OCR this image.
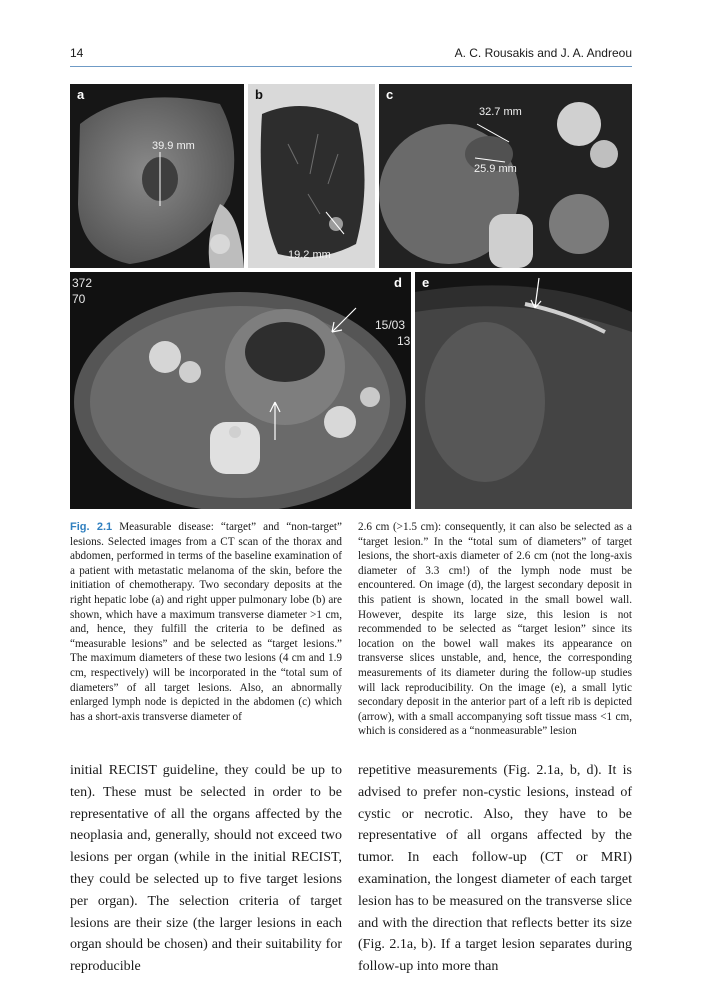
14	A. C. Rousakis and J. A. Andreou
a
39.9 mm
b
19.2 mm
c
32.7 mm
25.9 mm
d
372
70
15/03
13
e

Fig. 2.1 Measurable disease: “target” and “non-target” lesions. Selected images from a CT scan of the thorax and abdomen, performed in terms of the baseline examination of a patient with metastatic melanoma of the skin, before the initiation of chemotherapy. Two secondary deposits at the right hepatic lobe (a) and right upper pulmonary lobe (b) are shown, which have a maximum transverse diameter >1 cm, and, hence, they fulfill the criteria to be defined as “measurable lesions” and be selected as “target lesions.” The maximum diameters of these two lesions (4 cm and 1.9 cm, respectively) will be incorporated in the “total sum of diameters” of all target lesions. Also, an abnormally enlarged lymph node is depicted in the abdomen (c) which has a short-axis transverse diameter of

2.6 cm (>1.5 cm): consequently, it can also be selected as a “target lesion.” In the “total sum of diameters” of target lesions, the short-axis diameter of 2.6 cm (not the long-axis diameter of 3.3 cm!) of the lymph node must be encountered. On image (d), the largest secondary deposit in this patient is shown, located in the small bowel wall. However, despite its large size, this lesion is not recommended to be selected as “target lesion” since its location on the bowel wall makes its appearance on transverse slices unstable, and, hence, the corresponding measurements of its diameter during the follow-up studies will lack reproducibility. On the image (e), a small lytic secondary deposit in the anterior part of a left rib is depicted (arrow), with a small accompanying soft tissue mass <1 cm, which is considered as a “nonmeasurable” lesion

initial RECIST guideline, they could be up to ten). These must be selected in order to be representative of all the organs affected by the neoplasia and, generally, should not exceed two lesions per organ (while in the initial RECIST, they could be selected up to five target lesions per organ). The selection criteria of target lesions are their size (the larger lesions in each organ should be chosen) and their suitability for reproducible

repetitive measurements (Fig. 2.1a, b, d). It is advised to prefer non-cystic lesions, instead of cystic or necrotic. Also, they have to be representative of all organs affected by the tumor. In each follow-up (CT or MRI) examination, the longest diameter of each target lesion has to be measured on the transverse slice and with the direction that reflects better its size (Fig. 2.1a, b). If a target lesion separates during follow-up into more than
